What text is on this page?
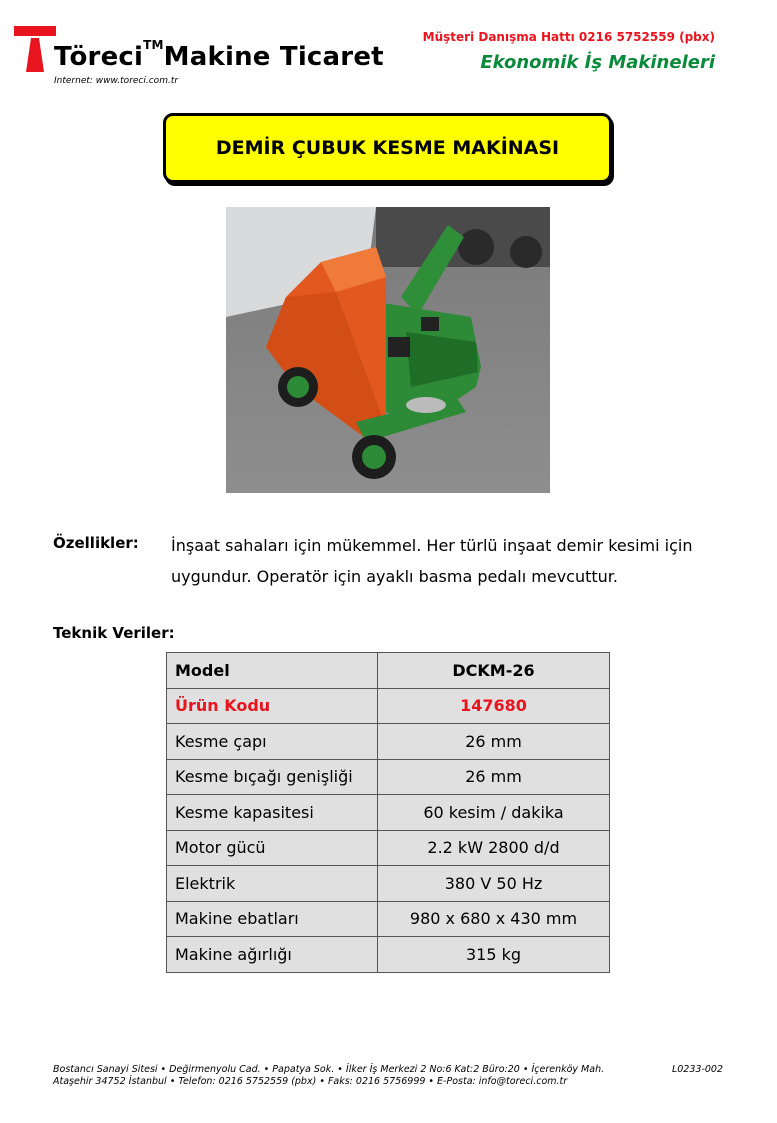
Töreci™Makine Ticaret
Internet: www.toreci.com.tr
Müşteri Danışma Hattı 0216 5752559 (pbx)
Ekonomik İş Makineleri
DEMİR ÇUBUK KESME MAKİNASI
Özellikler: İnşaat sahaları için mükemmel. Her türlü inşaat demir kesimi için uygundur. Operatör için ayaklı basma pedalı mevcuttur.
Teknik Veriler:
Model	DCKM-26
Ürün Kodu	147680
Kesme çapı	26 mm
Kesme bıçağı genişliği	26 mm
Kesme kapasitesi	60 kesim / dakika
Motor gücü	2.2 kW 2800 d/d
Elektrik	380 V 50 Hz
Makine ebatları	980 x 680 x 430 mm
Makine ağırlığı	315 kg
Bostancı Sanayi Sitesi • Değirmenyolu Cad. • Papatya Sok. • İlker İş Merkezi 2 No:6 Kat:2 Büro:20 • İçerenköy Mah.
Ataşehir 34752 İstanbul • Telefon: 0216 5752559 (pbx) • Faks: 0216 5756999 • E-Posta: info@toreci.com.tr
L0233-002
